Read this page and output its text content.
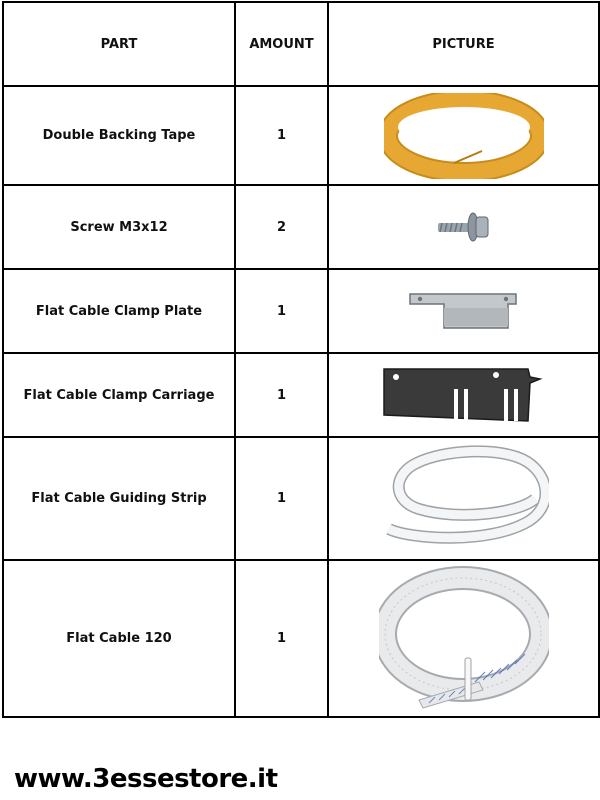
PART	AMOUNT	PICTURE
Double Backing Tape	1	

Screw M3x12	2	

Flat Cable Clamp Plate	1	

Flat Cable Clamp Carriage	1	

Flat Cable Guiding Strip	1	

Flat Cable 120	1	
www.3essestore.it
